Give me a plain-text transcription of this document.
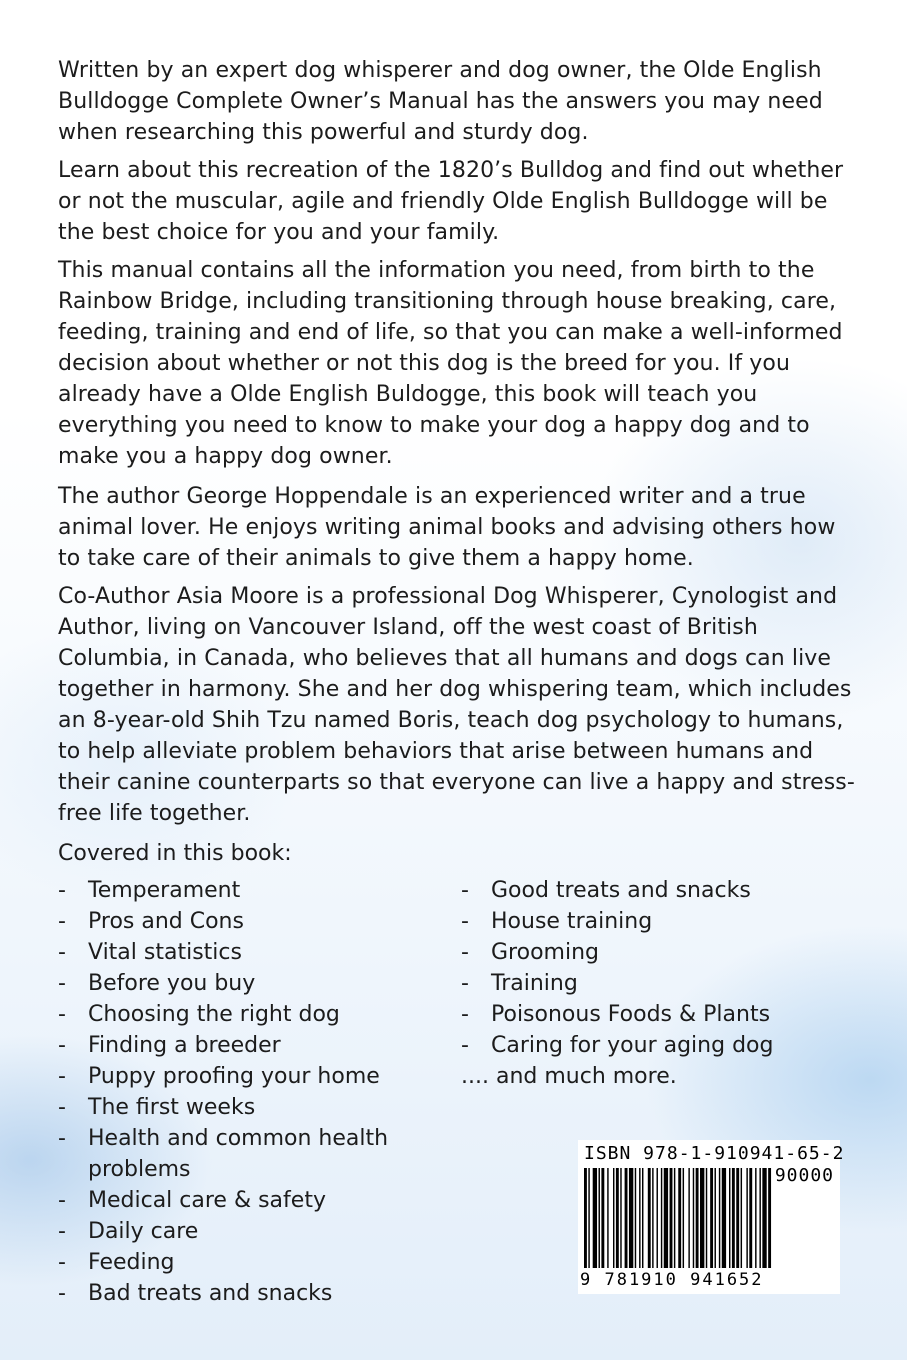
Written by an expert dog whisperer and dog owner, the Olde English Bulldogge Complete Owner’s Manual has the answers you may need when researching this powerful and sturdy dog.

Learn about this recreation of the 1820’s Bulldog and find out whether or not the muscular, agile and friendly Olde English Bulldogge will be the best choice for you and your family.

This manual contains all the information you need, from birth to the Rainbow Bridge, including transitioning through house breaking, care, feeding, training and end of life, so that you can make a well-informed decision about whether or not this dog is the breed for you. If you already have a Olde English Buldogge, this book will teach you everything you need to know to make your dog a happy dog and to make you a happy dog owner.

The author George Hoppendale is an experienced writer and a true animal lover. He enjoys writing animal books and advising others how to take care of their animals to give them a happy home.

Co-Author Asia Moore is a professional Dog Whisperer, Cynologist and Author, living on Vancouver Island, off the west coast of British Columbia, in Canada, who believes that all humans and dogs can live together in harmony. She and her dog whispering team, which includes an 8-year-old Shih Tzu named Boris, teach dog psychology to humans, to help alleviate problem behaviors that arise between humans and their canine counterparts so that everyone can live a happy and stress-free life together.

Covered in this book:

- Temperament
- Pros and Cons
- Vital statistics
- Before you buy
- Choosing the right dog
- Finding a breeder
- Puppy proofing your home
- The first weeks
- Health and common health problems
- Medical care & safety
- Daily care
- Feeding
- Bad treats and snacks
- Good treats and snacks
- House training
- Grooming
- Training
- Poisonous Foods & Plants
- Caring for your aging dog
.... and much more.
ISBN 978-1-910941-65-2
90000
9 781910 941652
